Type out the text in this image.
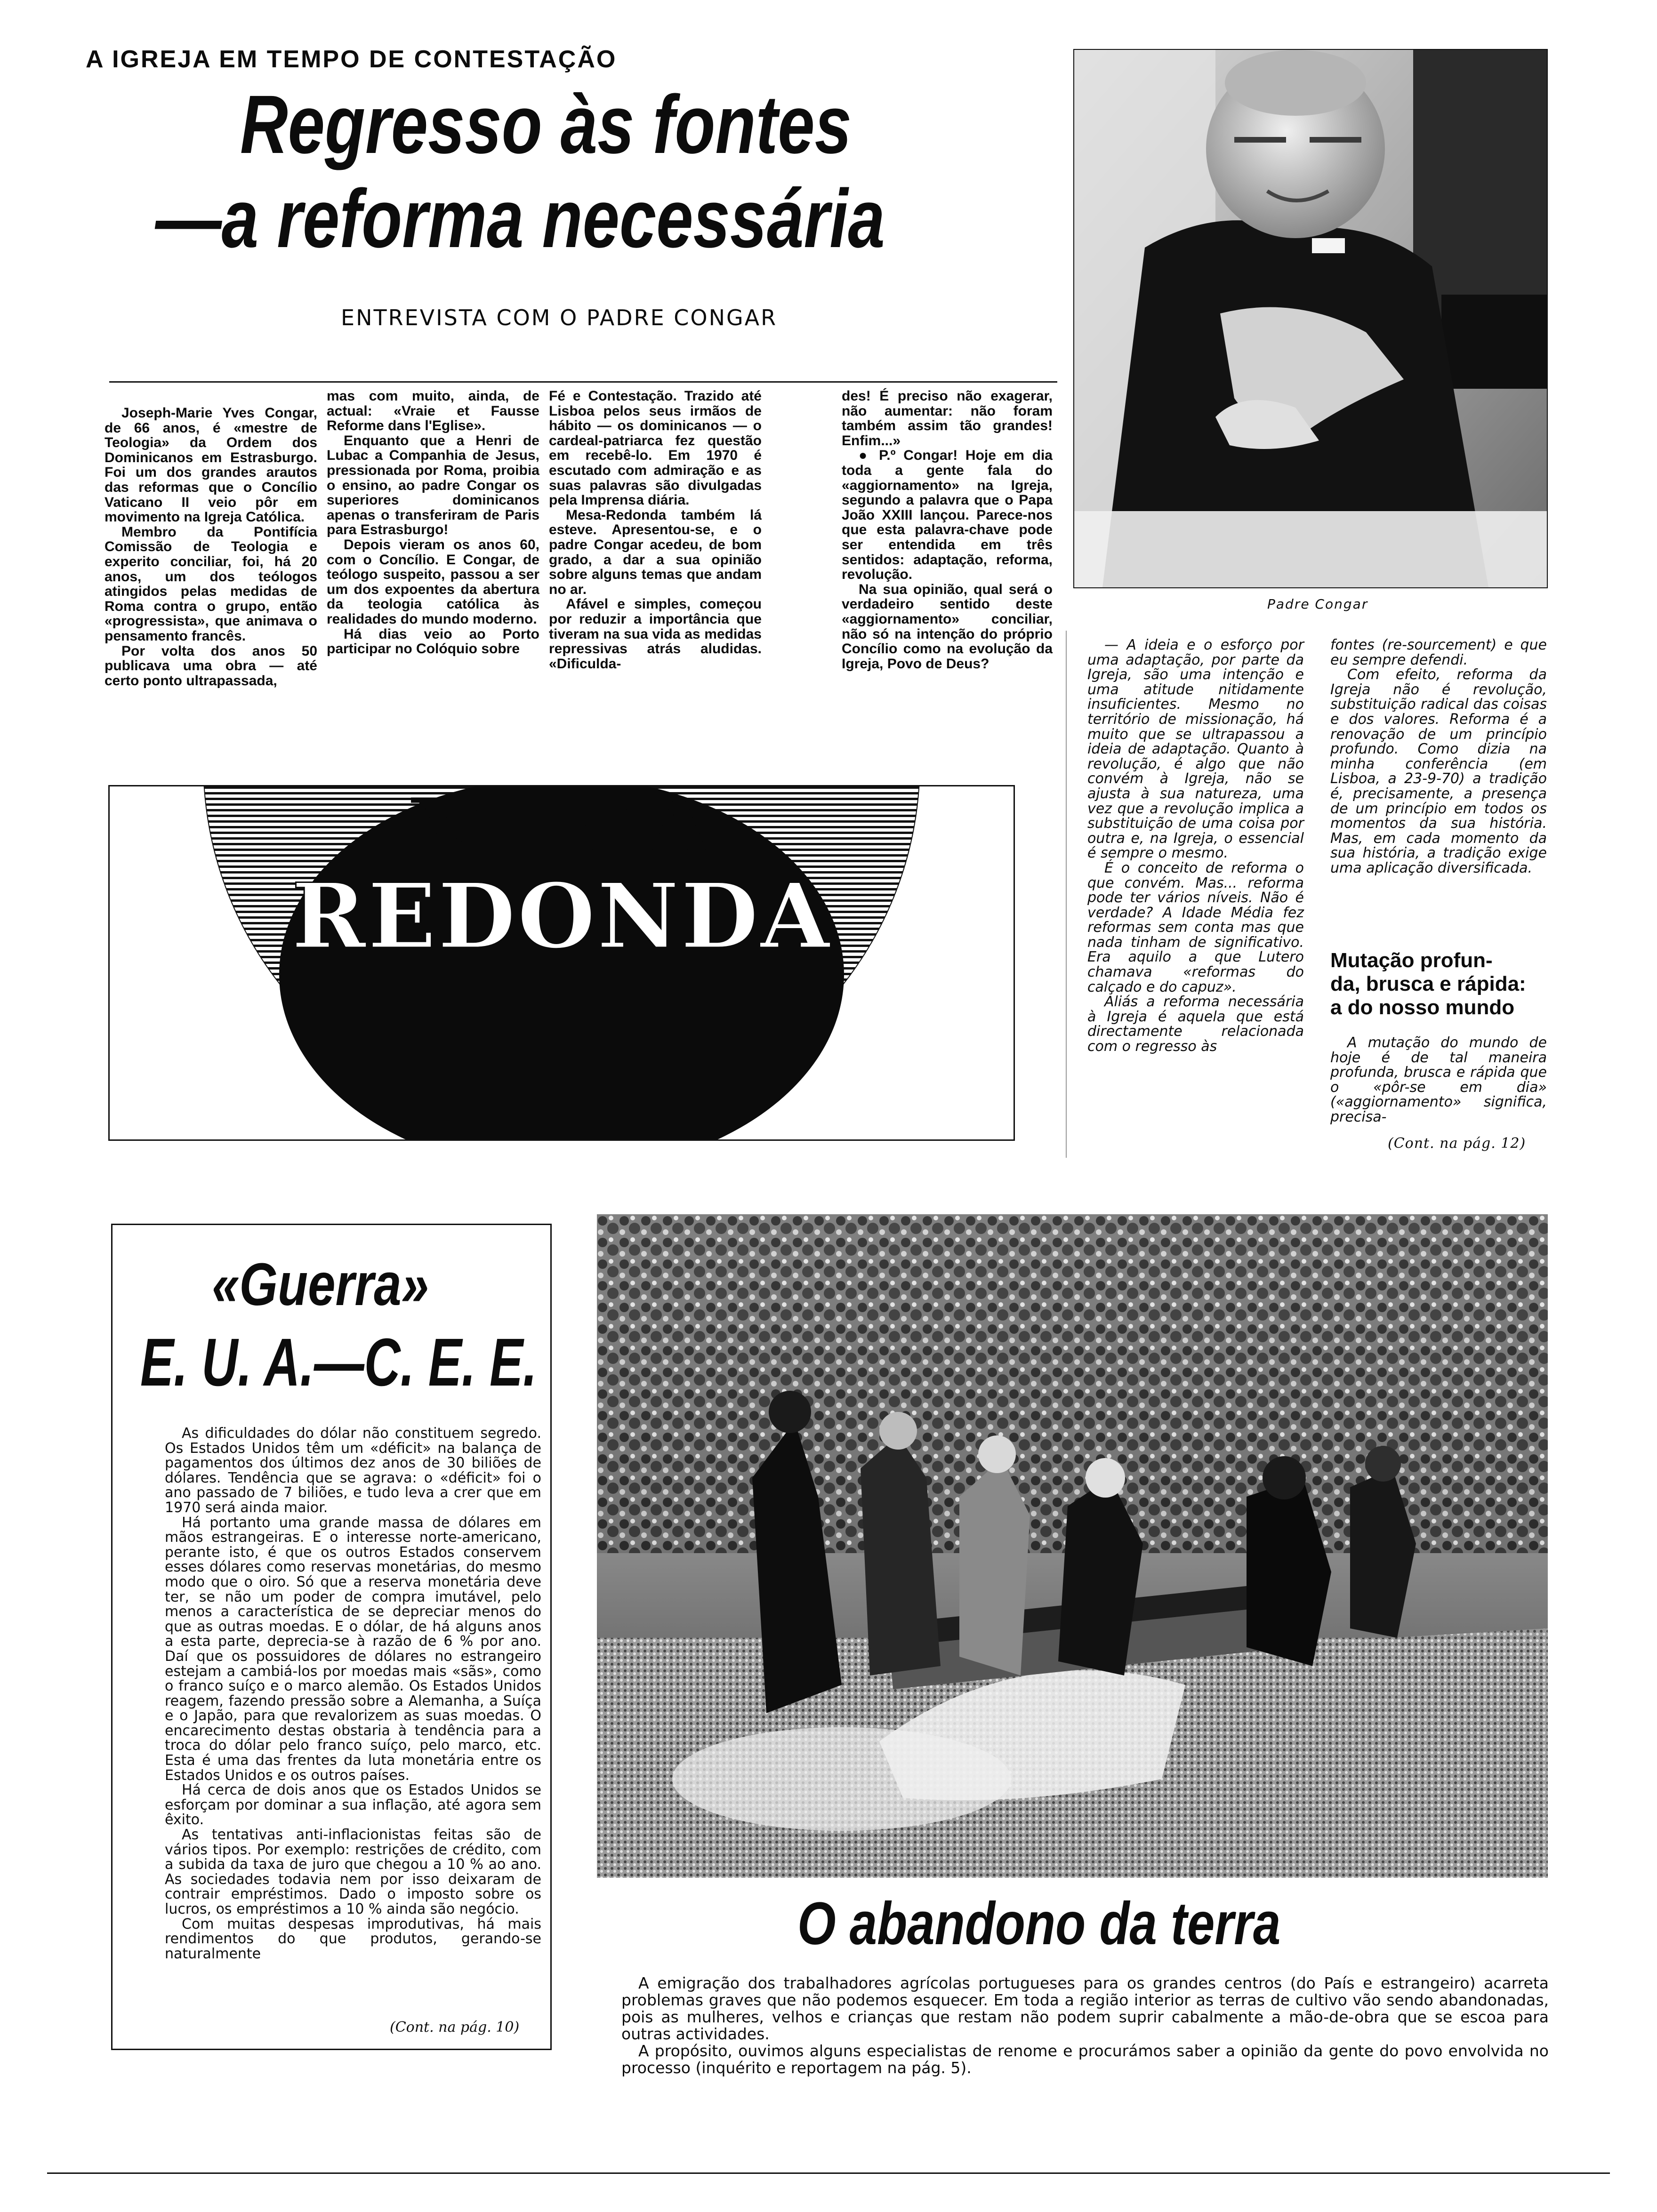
A IGREJA EM TEMPO DE CONTESTAÇÃO
Regresso às fontes
—a reforma necessária
ENTREVISTA COM O PADRE CONGAR
Padre Congar

Joseph-Marie Yves Congar, de 66 anos, é «mestre de Teologia» da Ordem dos Dominicanos em Estrasburgo. Foi um dos grandes arautos das reformas que o Concílio Vaticano II veio pôr em movimento na Igreja Católica.

Membro da Pontifícia Comissão de Teologia e experito conciliar, foi, há 20 anos, um dos teólogos atingidos pelas medidas de Roma contra o grupo, então «progressista», que animava o pensamento francês.

Por volta dos anos 50 publicava uma obra — até certo ponto ultrapassada,

mas com muito, ainda, de actual: «Vraie et Fausse Reforme dans l'Eglise».

Enquanto que a Henri de Lubac a Companhia de Jesus, pressionada por Roma, proibia o ensino, ao padre Congar os superiores dominicanos apenas o transferiram de Paris para Estrasburgo!

Depois vieram os anos 60, com o Concílio. E Congar, de teólogo suspeito, passou a ser um dos expoentes da abertura da teologia católica às realidades do mundo moderno.

Há dias veio ao Porto participar no Colóquio sobre

Fé e Contestação. Trazido até Lisboa pelos seus irmãos de hábito — os dominicanos — o cardeal-patriarca fez questão em recebê-lo. Em 1970 é escutado com admiração e as suas palavras são divulgadas pela Imprensa diária.

Mesa-Redonda também lá esteve. Apresentou-se, e o padre Congar acedeu, de bom grado, a dar a sua opinião sobre alguns temas que andam no ar.

Afável e simples, começou por reduzir a importância que tiveram na sua vida as medidas repressivas atrás aludidas. «Dificulda-

des! É preciso não exagerar, não aumentar: não foram também assim tão grandes! Enfim...»

● P.º Congar! Hoje em dia toda a gente fala do «aggiornamento» na Igreja, segundo a palavra que o Papa João XXIII lançou. Parece-nos que esta palavra-chave pode ser entendida em três sentidos: adaptação, reforma, revolução.

Na sua opinião, qual será o verdadeiro sentido deste «aggiornamento» conciliar, não só na intenção do próprio Concílio como na evolução da Igreja, Povo de Deus?

— A ideia e o esforço por uma adaptação, por parte da Igreja, são uma intenção e uma atitude nitidamente insuficientes. Mesmo no território de missionação, há muito que se ultrapassou a ideia de adaptação. Quanto à revolução, é algo que não convém à Igreja, não se ajusta à sua natureza, uma vez que a revolução implica a substituição de uma coisa por outra e, na Igreja, o essencial é sempre o mesmo.

É o conceito de reforma o que convém. Mas... reforma pode ter vários níveis. Não é verdade? A Idade Média fez reformas sem conta mas que nada tinham de significativo. Era aquilo a que Lutero chamava «reformas do calçado e do capuz».

Aliás a reforma necessária à Igreja é aquela que está directamente relacionada com o regresso às

fontes (re-sourcement) e que eu sempre defendi.

Com efeito, reforma da Igreja não é revolução, substituição radical das coisas e dos valores. Reforma é a renovação de um princípio profundo. Como dizia na minha conferência (em Lisboa, a 23-9-70) a tradição é, precisamente, a presença de um princípio em todos os momentos da sua história. Mas, em cada momento da sua história, a tradição exige uma aplicação diversificada.

Mutação profun-
da, brusca e rápida:
a do nosso mundo

A mutação do mundo de hoje é de tal maneira profunda, brusca e rápida que o «pôr-se em dia» («aggiornamento» significa, precisa-

(Cont. na pág. 12)
MESA
REDONDA
«Guerra»
E. U. A.—C. E. E.

As dificuldades do dólar não constituem segredo. Os Estados Unidos têm um «déficit» na balança de pagamentos dos últimos dez anos de 30 biliões de dólares. Tendência que se agrava: o «déficit» foi o ano passado de 7 biliões, e tudo leva a crer que em 1970 será ainda maior.

Há portanto uma grande massa de dólares em mãos estrangeiras. E o interesse norte-americano, perante isto, é que os outros Estados conservem esses dólares como reservas monetárias, do mesmo modo que o oiro. Só que a reserva monetária deve ter, se não um poder de compra imutável, pelo menos a característica de se depreciar menos do que as outras moedas. E o dólar, de há alguns anos a esta parte, deprecia-se à razão de 6 % por ano. Daí que os possuidores de dólares no estrangeiro estejam a cambiá-los por moedas mais «sãs», como o franco suíço e o marco alemão. Os Estados Unidos reagem, fazendo pressão sobre a Alemanha, a Suíça e o Japão, para que revalorizem as suas moedas. O encarecimento destas obstaria à tendência para a troca do dólar pelo franco suíço, pelo marco, etc. Esta é uma das frentes da luta monetária entre os Estados Unidos e os outros países.

Há cerca de dois anos que os Estados Unidos se esforçam por dominar a sua inflação, até agora sem êxito.

As tentativas anti-inflacionistas feitas são de vários tipos. Por exemplo: restrições de crédito, com a subida da taxa de juro que chegou a 10 % ao ano. As sociedades todavia nem por isso deixaram de contrair empréstimos. Dado o imposto sobre os lucros, os empréstimos a 10 % ainda são negócio.

Com muitas despesas improdutivas, há mais rendimentos do que produtos, gerando-se naturalmente

(Cont. na pág. 10)
O abandono da terra

A emigração dos trabalhadores agrícolas portugueses para os grandes centros (do País e estrangeiro) acarreta problemas graves que não podemos esquecer. Em toda a região interior as terras de cultivo vão sendo abandonadas, pois as mulheres, velhos e crianças que restam não podem suprir cabalmente a mão-de-obra que se escoa para outras actividades.

A propósito, ouvimos alguns especialistas de renome e procurámos saber a opinião da gente do povo envolvida no processo (inquérito e reportagem na pág. 5).
